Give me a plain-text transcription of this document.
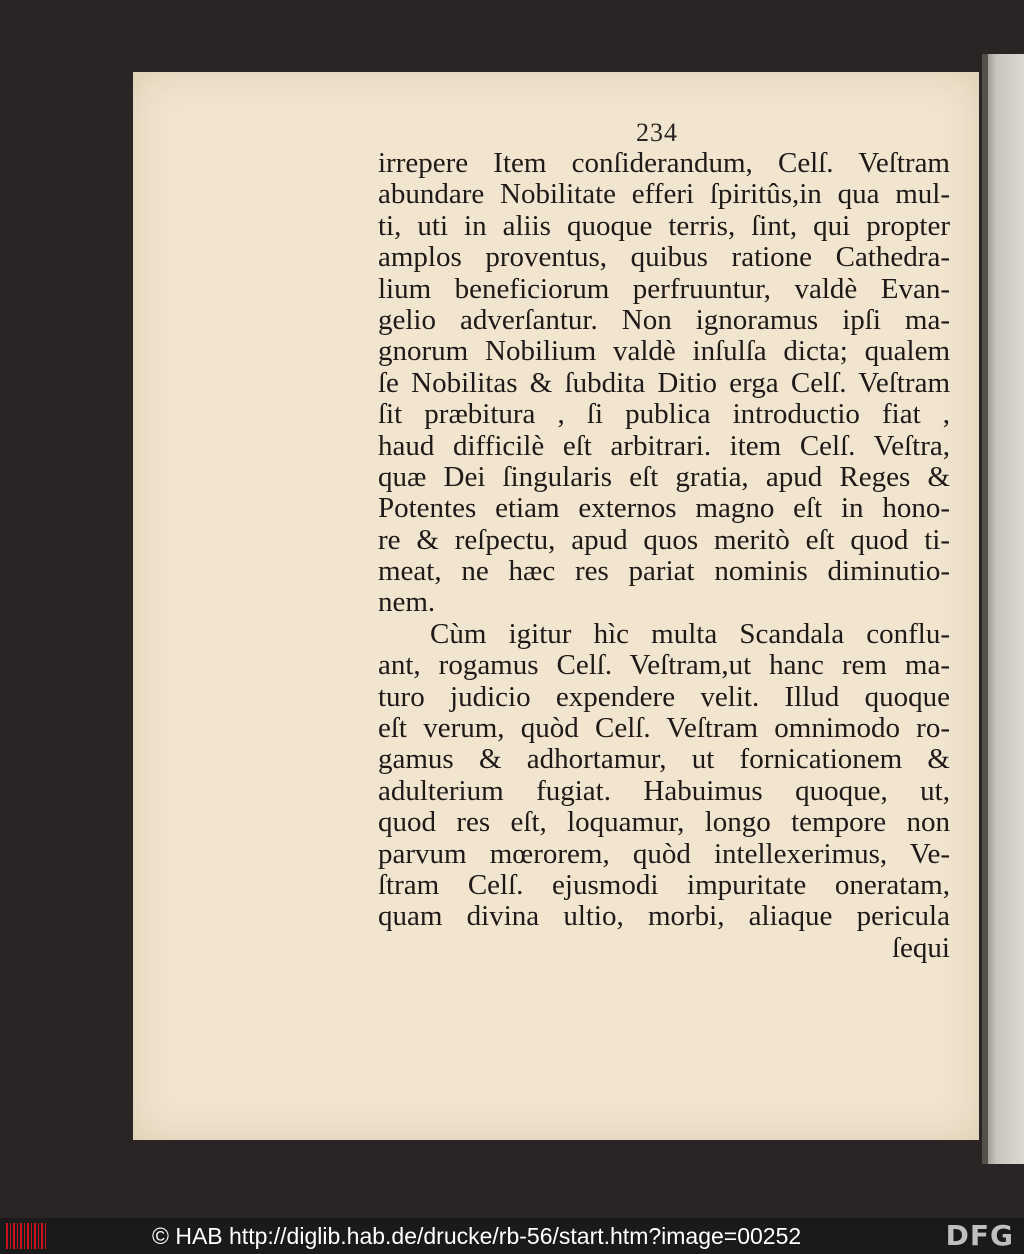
234
irrepere Item conſiderandum, Celſ. Veſtram
abundare Nobilitate efferi ſpiritûs,in qua mul-
ti, uti in aliis quoque terris, ſint, qui propter
amplos proventus, quibus ratione Cathedra-
lium beneficiorum perfruuntur, valdè Evan-
gelio adverſantur. Non ignoramus ipſi ma-
gnorum Nobilium valdè inſulſa dicta; qualem
ſe Nobilitas & ſubdita Ditio erga Celſ. Veſtram
ſit præbitura , ſi publica introductio fiat ,
haud difficilè eſt arbitrari. item Celſ. Veſtra,
quæ Dei ſingularis eſt gratia, apud Reges &
Potentes etiam externos magno eſt in hono-
re & reſpectu, apud quos meritò eſt quod ti-
meat, ne hæc res pariat nominis diminutio-
nem.
Cùm igitur hìc multa Scandala conflu-
ant, rogamus Celſ. Veſtram,ut hanc rem ma-
turo judicio expendere velit. Illud quoque
eſt verum, quòd Celſ. Veſtram omnimodo ro-
gamus & adhortamur, ut fornicationem &
adulterium fugiat. Habuimus quoque, ut,
quod res eſt, loquamur, longo tempore non
parvum mœrorem, quòd intellexerimus, Ve-
ſtram Celſ. ejusmodi impuritate oneratam,
quam divina ultio, morbi, aliaque pericula
ſequi
© HAB http://diglib.hab.de/drucke/rb-56/start.htm?image=00252	DFG
